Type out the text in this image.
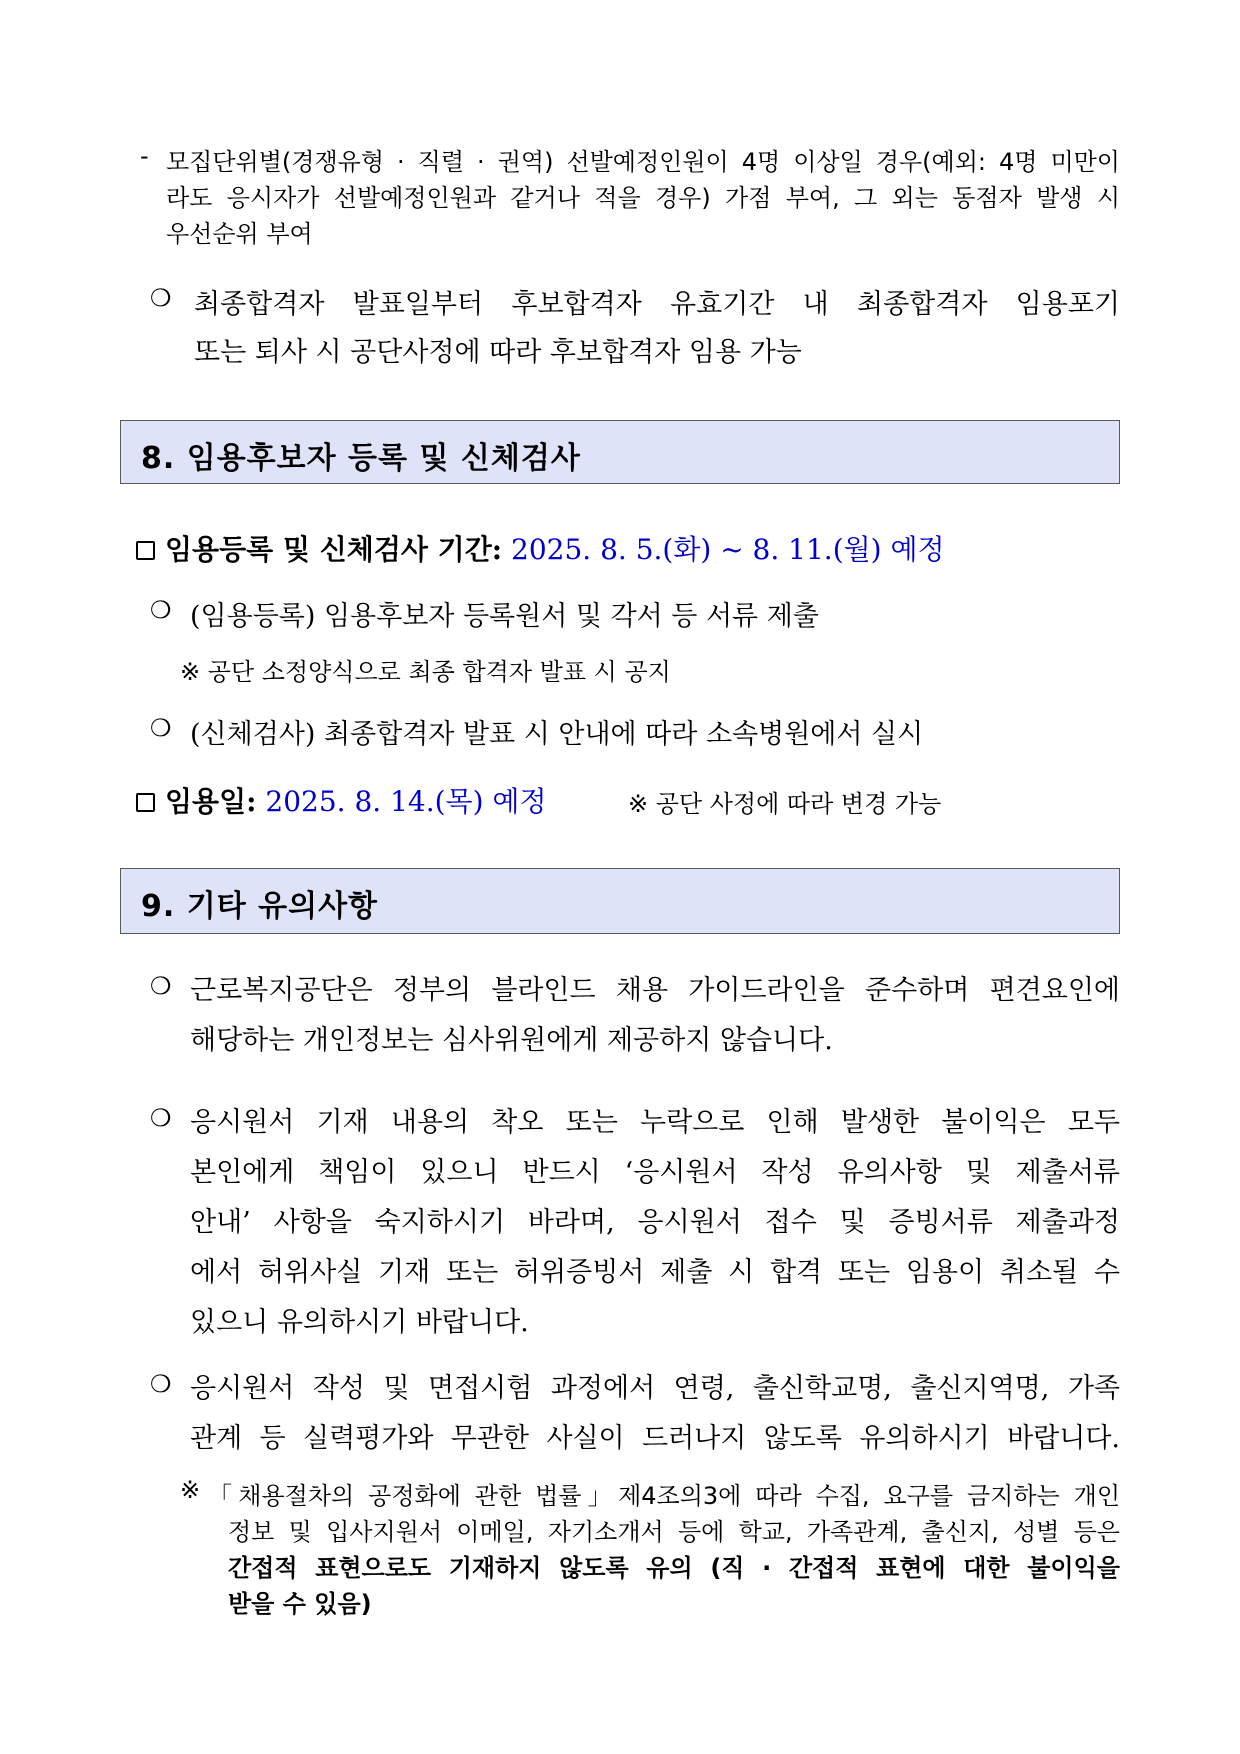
- 모집단위별(경쟁유형 · 직렬 · 권역) 선발예정인원이 4명 이상일 경우(예외: 4명 미만이
라도 응시자가 선발예정인원과 같거나 적을 경우) 가점 부여, 그 외는 동점자 발생 시
우선순위 부여
❍ 최종합격자 발표일부터 후보합격자 유효기간 내 최종합격자 임용포기
또는 퇴사 시 공단사정에 따라 후보합격자 임용 가능
8. 임용후보자 등록 및 신체검사
임용등록 및 신체검사 기간: 2025. 8. 5.(화) ~ 8. 11.(월) 예정
❍ (임용등록) 임용후보자 등록원서 및 각서 등 서류 제출
※ 공단 소정양식으로 최종 합격자 발표 시 공지
❍ (신체검사) 최종합격자 발표 시 안내에 따라 소속병원에서 실시
임용일: 2025. 8. 14.(목) 예정	※ 공단 사정에 따라 변경 가능
9. 기타 유의사항
❍ 근로복지공단은 정부의 블라인드 채용 가이드라인을 준수하며 편견요인에
해당하는 개인정보는 심사위원에게 제공하지 않습니다.
❍ 응시원서 기재 내용의 착오 또는 누락으로 인해 발생한 불이익은 모두
본인에게 책임이 있으니 반드시 ‘응시원서 작성 유의사항 및 제출서류
안내’ 사항을 숙지하시기 바라며, 응시원서 접수 및 증빙서류 제출과정
에서 허위사실 기재 또는 허위증빙서 제출 시 합격 또는 임용이 취소될 수
있으니 유의하시기 바랍니다.
❍ 응시원서 작성 및 면접시험 과정에서 연령, 출신학교명, 출신지역명, 가족
관계 등 실력평가와 무관한 사실이 드러나지 않도록 유의하시기 바랍니다.
※ 「채용절차의 공정화에 관한 법률」제4조의3에 따라 수집, 요구를 금지하는 개인
정보 및 입사지원서 이메일, 자기소개서 등에 학교, 가족관계, 출신지, 성별 등은
간접적 표현으로도 기재하지 않도록 유의 (직 · 간접적 표현에 대한 불이익을
받을 수 있음)
